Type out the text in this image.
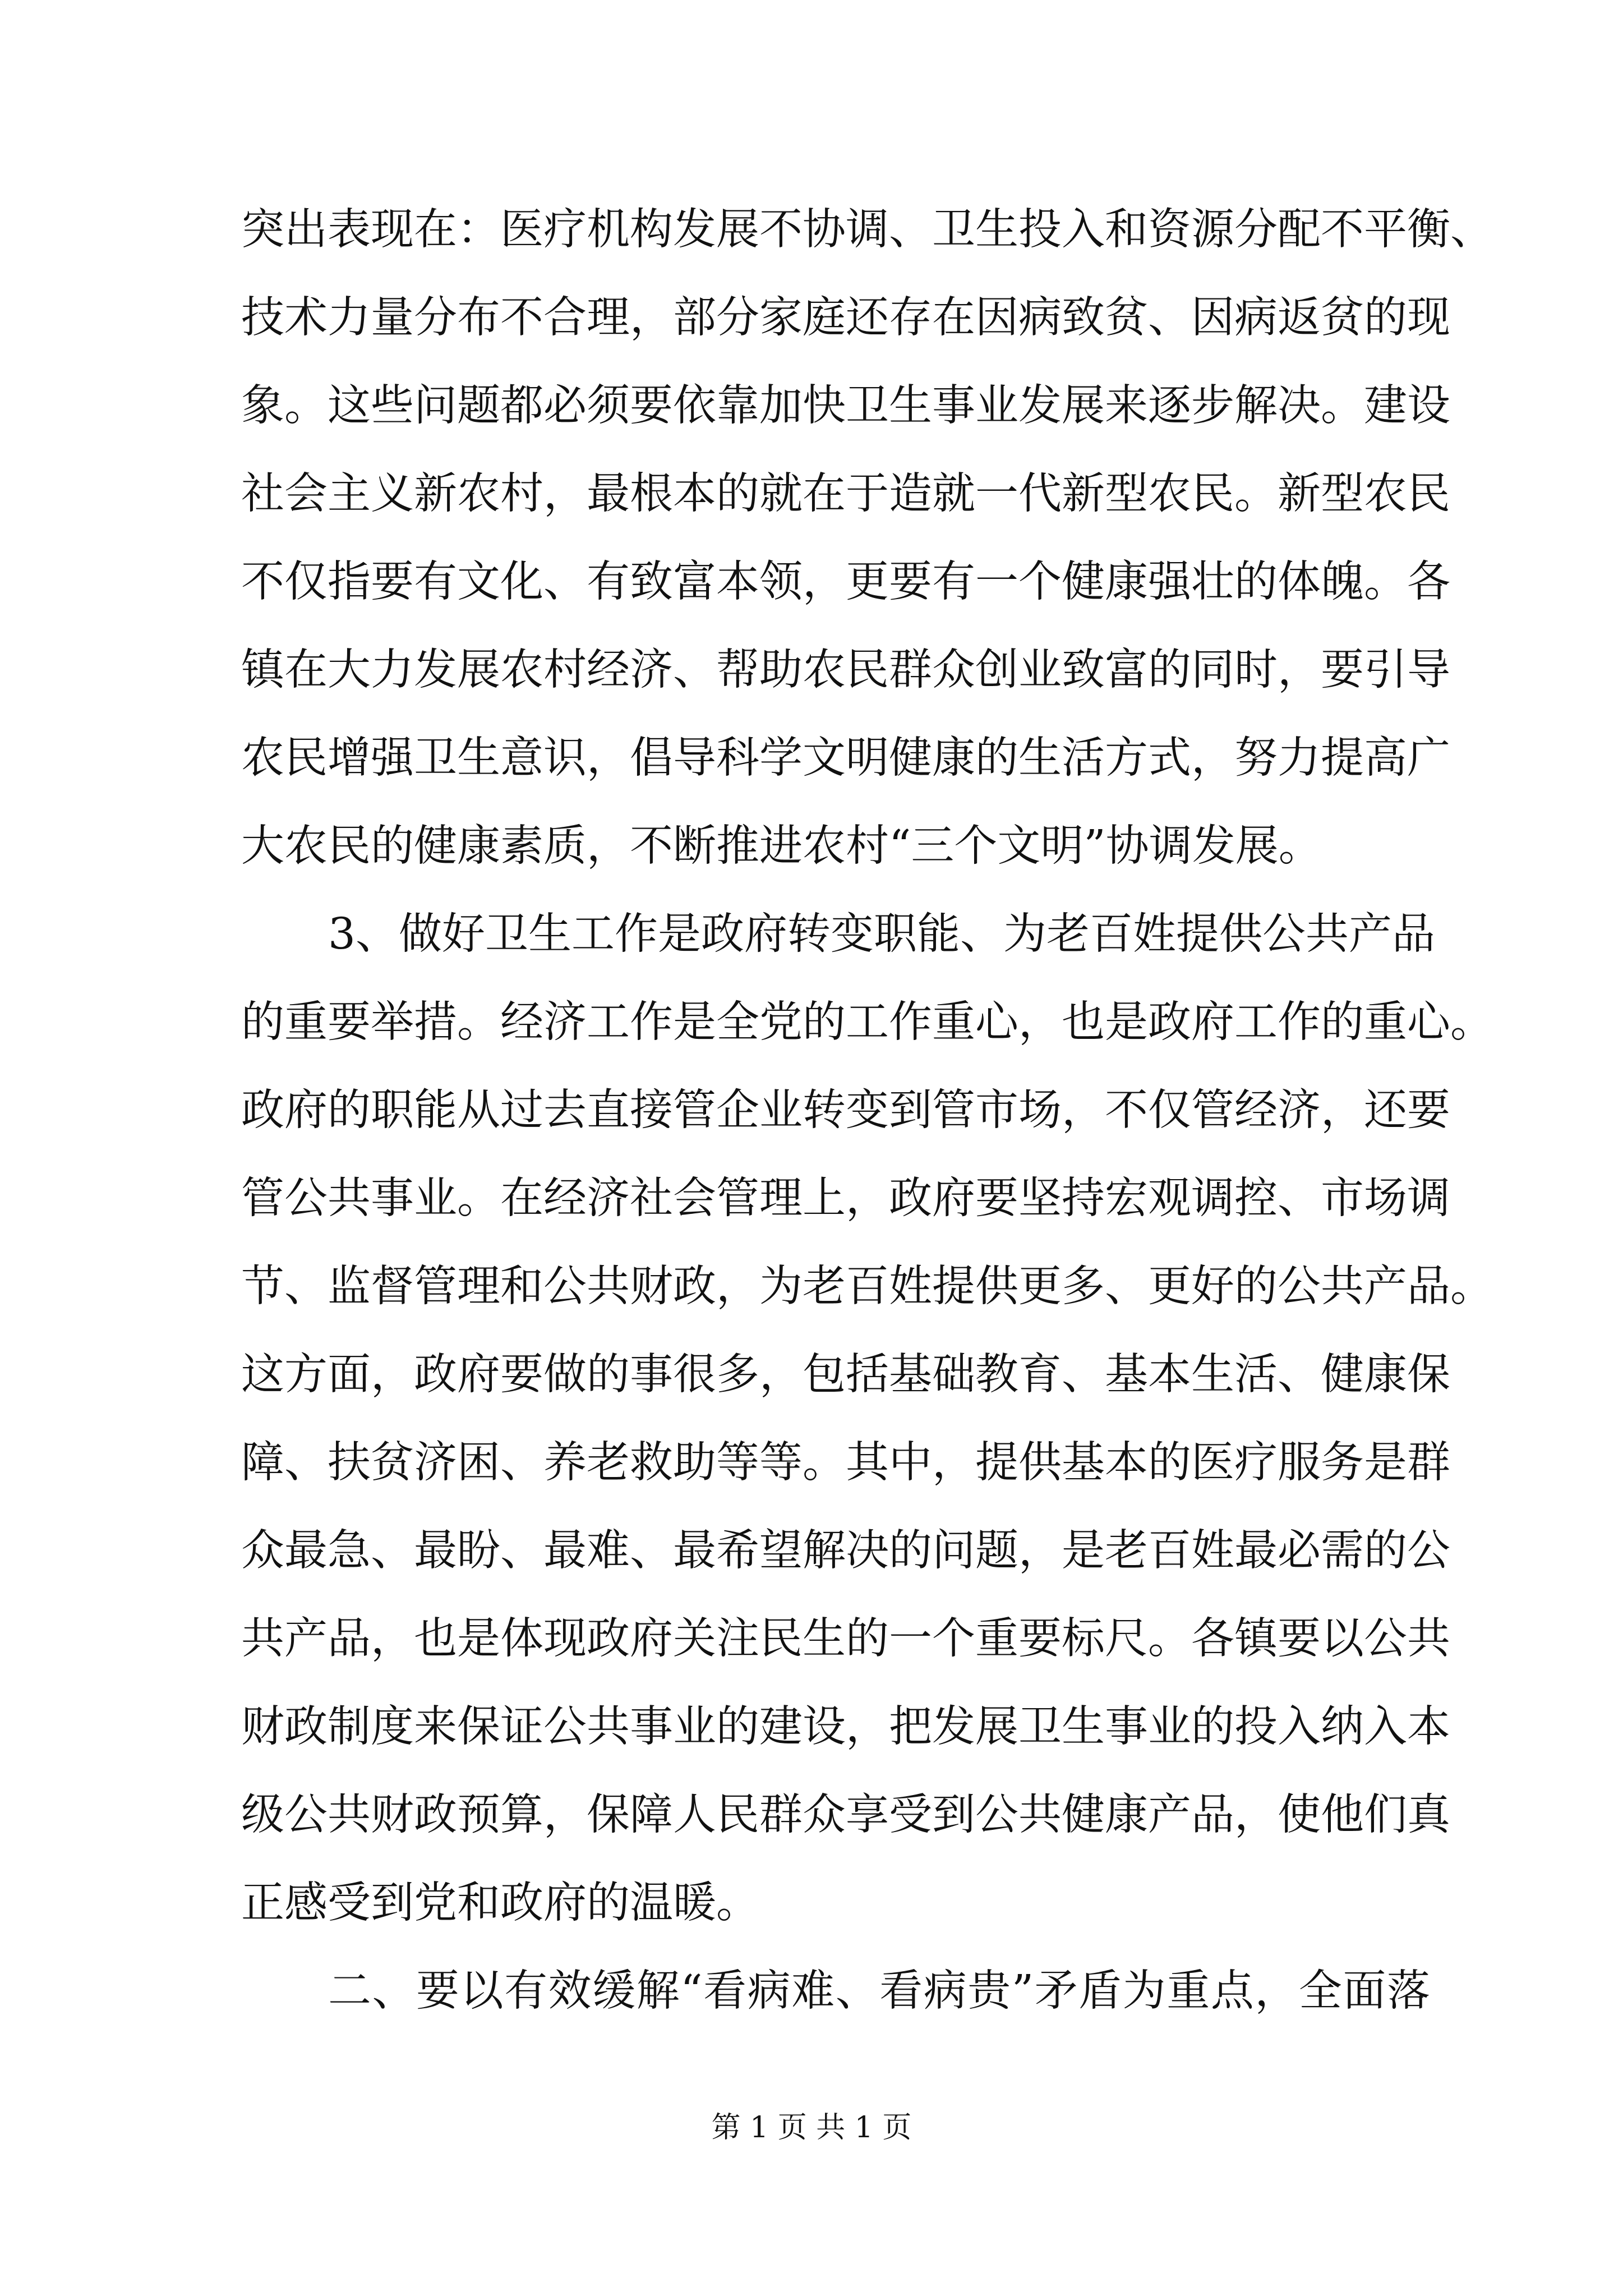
突出表现在：医疗机构发展不协调、卫生投入和资源分配不平衡、
技术力量分布不合理，部分家庭还存在因病致贫、因病返贫的现
象。这些问题都必须要依靠加快卫生事业发展来逐步解决。建设
社会主义新农村，最根本的就在于造就一代新型农民。新型农民
不仅指要有文化、有致富本领，更要有一个健康强壮的体魄。各
镇在大力发展农村经济、帮助农民群众创业致富的同时，要引导
农民增强卫生意识，倡导科学文明健康的生活方式，努力提高广
大农民的健康素质，不断推进农村“三个文明”协调发展。
3、做好卫生工作是政府转变职能、为老百姓提供公共产品
的重要举措。经济工作是全党的工作重心，也是政府工作的重心。
政府的职能从过去直接管企业转变到管市场，不仅管经济，还要
管公共事业。在经济社会管理上，政府要坚持宏观调控、市场调
节、监督管理和公共财政，为老百姓提供更多、更好的公共产品。
这方面，政府要做的事很多，包括基础教育、基本生活、健康保
障、扶贫济困、养老救助等等。其中，提供基本的医疗服务是群
众最急、最盼、最难、最希望解决的问题，是老百姓最必需的公
共产品，也是体现政府关注民生的一个重要标尺。各镇要以公共
财政制度来保证公共事业的建设，把发展卫生事业的投入纳入本
级公共财政预算，保障人民群众享受到公共健康产品，使他们真
正感受到党和政府的温暖。
二、要以有效缓解“看病难、看病贵”矛盾为重点，全面落
第 1 页 共 1 页
